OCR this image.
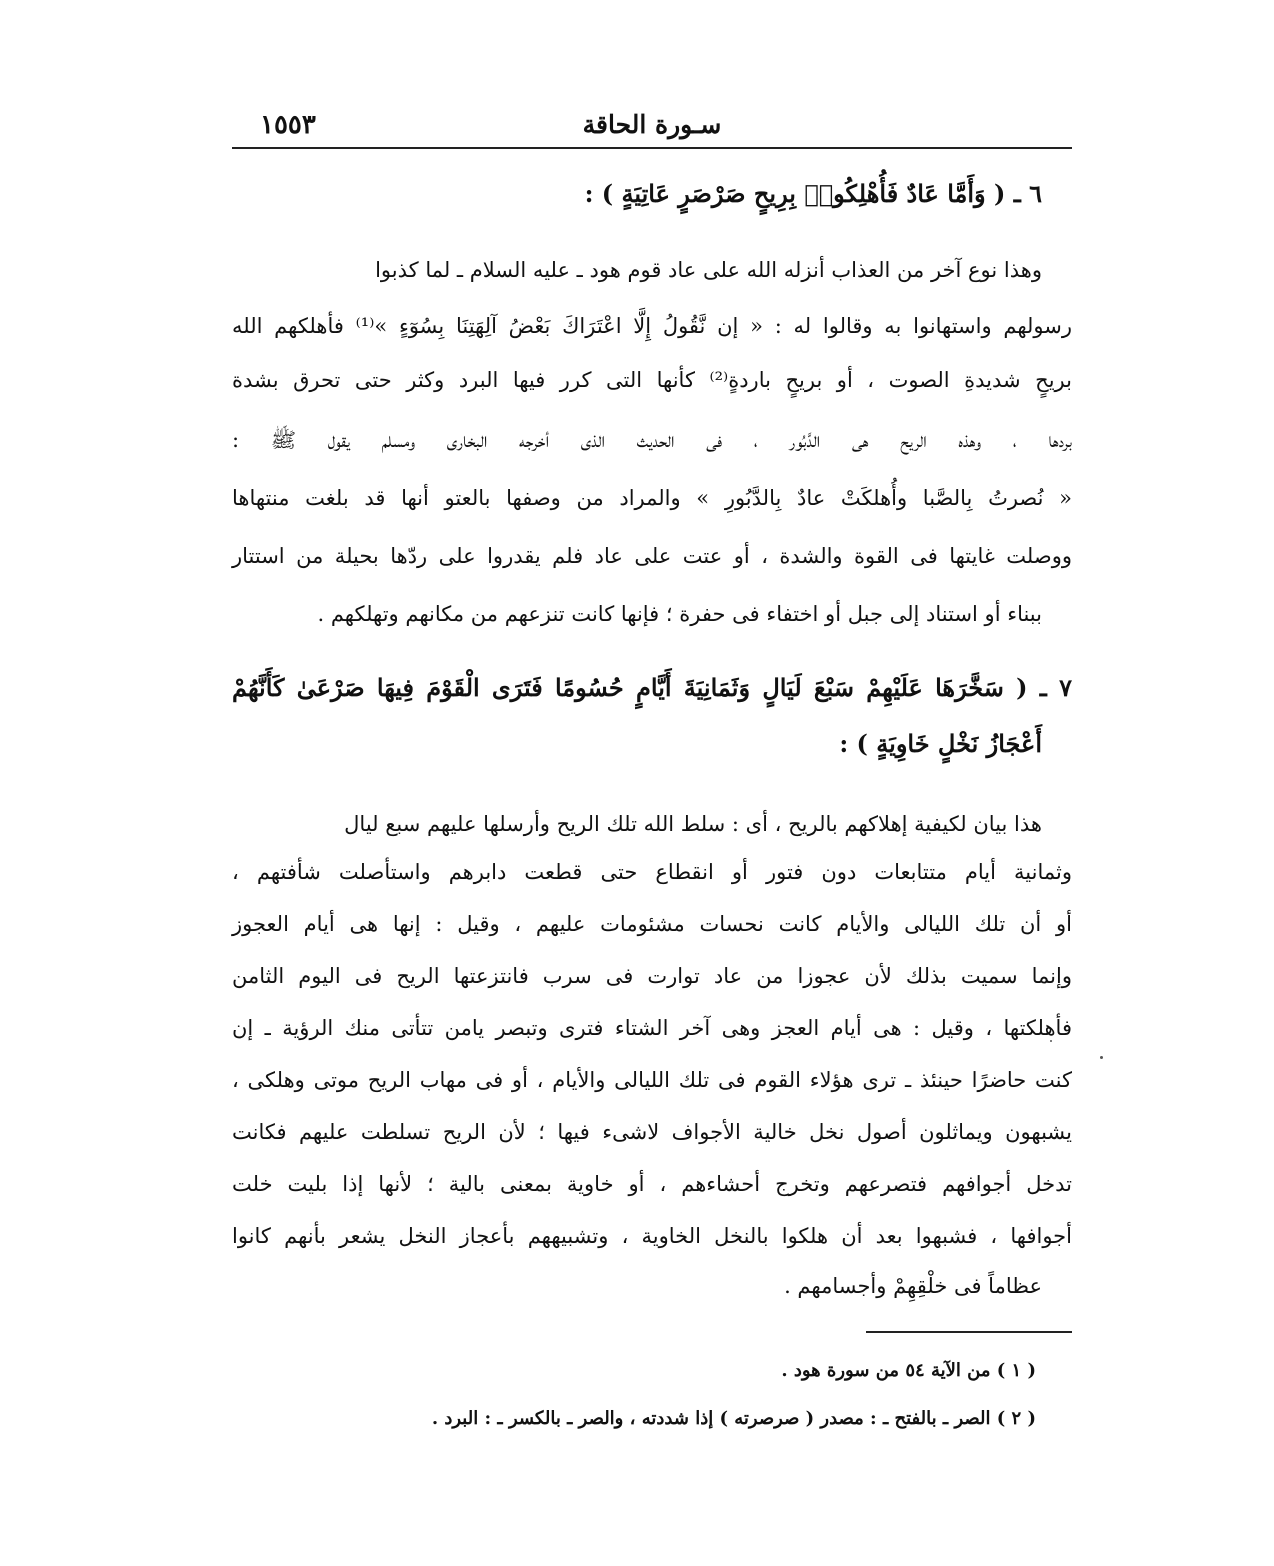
سـورة الحاقة
١٥٥٣
٦ ـ ( وَأَمَّا عَادٌ فَأُهْلِكُوا۟ بِرِيحٍ صَرْصَرٍ عَاتِيَةٍ ) :
وهذا نوع آخر من العذاب أنزله الله على عاد قوم هود ـ عليه السلام ـ لما كذبوا
رسولهم واستهانوا به وقالوا له : « إن نَّقُولُ إِلَّا اعْتَرَاكَ بَعْضُ آلِهَتِنَا بِسُوٓءٍ »⁽¹⁾ فأهلكهم الله
بريحٍ شديدةِ الصوت ، أو بريحٍ باردةٍ⁽²⁾ كأنها التى كرر فيها البرد وكثر حتى تحرق بشدة
بردها ، وهذه الريح هى الدَّبُور ، فى الحديث الذى أخرجه البخارى ومسلم يقول ﷺ :
« نُصرتُ بِالصَّبا وأُهلكَتْ عادٌ بِالدَّبُورِ » والمراد من وصفها بالعتو أنها قد بلغت منتهاها
ووصلت غايتها فى القوة والشدة ، أو عتت على عاد فلم يقدروا على ردّها بحيلة من استتار
ببناء أو استناد إلى جبل أو اختفاء فى حفرة ؛ فإنها كانت تنزعهم من مكانهم وتهلكهم .
٧ ـ ( سَخَّرَهَا عَلَيْهِمْ سَبْعَ لَيَالٍ وَثَمَانِيَةَ أَيَّامٍ حُسُومًا فَتَرَى الْقَوْمَ فِيهَا صَرْعَىٰ كَأَنَّهُمْ
أَعْجَازُ نَخْلٍ خَاوِيَةٍ ) :
هذا بيان لكيفية إهلاكهم بالريح ، أى : سلط الله تلك الريح وأرسلها عليهم سبع ليال
وثمانية أيام متتابعات دون فتور أو انقطاع حتى قطعت دابرهم واستأصلت شأفتهم ،
أو أن تلك الليالى والأيام كانت نحسات مشئومات عليهم ، وقيل : إنها هى أيام العجوز
وإنما سميت بذلك لأن عجوزا من عاد توارت فى سرب فانتزعتها الريح فى اليوم الثامن
فأهلكتها ، وقيل : هى أيام العجز وهى آخر الشتاء فترى وتبصر يامن تتأتى منك الرؤية ـ إن
كنت حاضرًا حينئذ ـ ترى هؤلاء القوم فى تلك الليالى والأيام ، أو فى مهاب الريح موتى وهلكى ،
يشبهون ويماثلون أصول نخل خالية الأجواف لاشىء فيها ؛ لأن الريح تسلطت عليهم فكانت
تدخل أجوافهم فتصرعهم وتخرج أحشاءهم ، أو خاوية بمعنى بالية ؛ لأنها إذا بليت خلت
أجوافها ، فشبهوا بعد أن هلكوا بالنخل الخاوية ، وتشبيههم بأعجاز النخل يشعر بأنهم كانوا
عظاماً فى خلْقِهِمْ وأجسامهم .
( ١ ) من الآية ٥٤ من سورة هود .
( ٢ ) الصر ـ بالفتح ـ : مصدر ( صرصرته ) إذا شددته ، والصر ـ بالكسر ـ : البرد .
